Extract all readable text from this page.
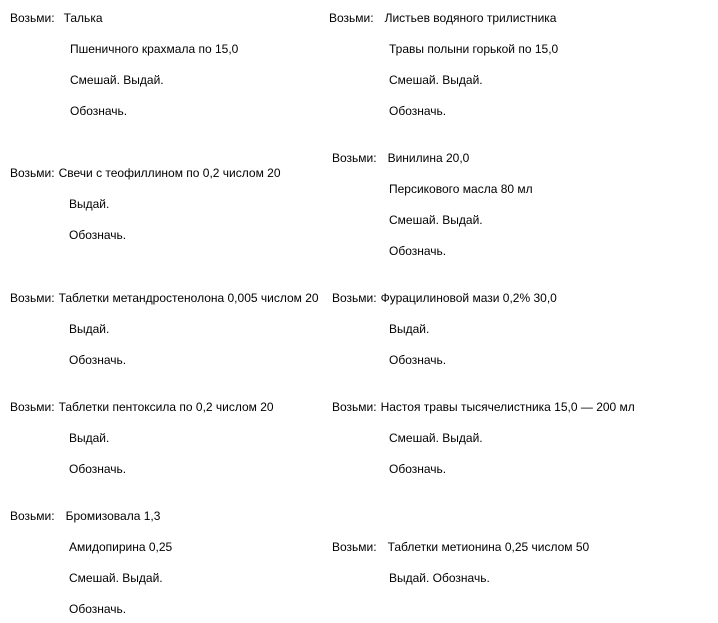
Возьми: Талька
Пшеничного крахмала по 15,0
Смешай. Выдай.
Обозначь.
Возьми: Листьев водяного трилистника
Травы полыни горькой по 15,0
Смешай. Выдай.
Обозначь.
Возьми: Винилина 20,0
Персикового масла 80 мл
Смешай. Выдай.
Обозначь.
Возьми: Свечи с теофиллином по 0,2 числом 20
Выдай.
Обозначь.
Возьми: Таблетки метандростенолона 0,005 числом 20
Выдай.
Обозначь.
Возьми: Фурацилиновой мази 0,2% 30,0
Выдай.
Обозначь.
Возьми: Таблетки пентоксила по 0,2 числом 20
Выдай.
Обозначь.
Возьми: Настоя травы тысячелистника 15,0 — 200 мл
Смешай. Выдай.
Обозначь.
Возьми: Бромизовала 1,3
Амидопирина 0,25
Смешай. Выдай.
Обозначь.
Возьми: Таблетки метионина 0,25 числом 50
Выдай. Обозначь.
